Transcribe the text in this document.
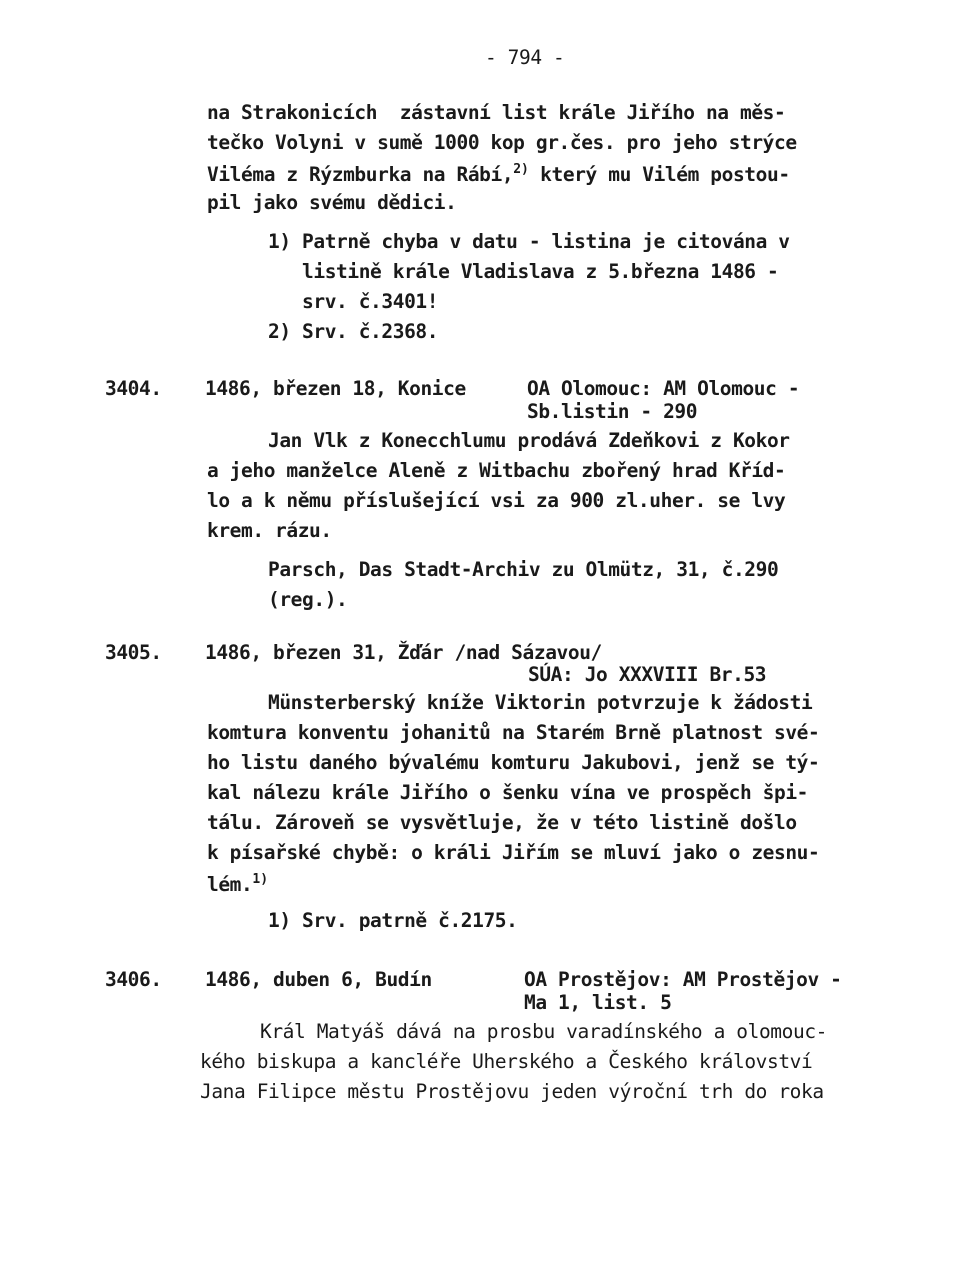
- 794 -
na Strakonicích  zástavní list krále Jiřího na měs-
tečko Volyni v sumě 1000 kop gr.čes. pro jeho strýce
Viléma z Rýzmburka na Rábí,$^{2)}$ který mu Vilém postou-
pil jako svému dědici.
1) Patrně chyba v datu - listina je citována v
listině krále Vladislava z 5.března 1486 -
srv. č.3401!
2) Srv. č.2368.
3404. 1486, březen 18, Konice	OA Olomouc: AM Olomouc -
Sb.listin - 290
Jan Vlk z Konecchlumu prodává Zdeňkovi z Kokor
a jeho manželce Aleně z Witbachu zbořený hrad Kříd-
lo a k němu příslušející vsi za 900 zl.uher. se lvy
krem. rázu.
Parsch, Das Stadt-Archiv zu Olmütz, 31, č.290
(reg.).
3405. 1486, březen 31, Žďár /nad Sázavou/
SÚA: Jo XXXVIII Br.53
Münsterberský kníže Viktorin potvrzuje k žádosti
komtura konventu johanitů na Starém Brně platnost své-
ho listu daného bývalému komturu Jakubovi, jenž se tý-
kal nálezu krále Jiřího o šenku vína ve prospěch špi-
tálu. Zároveň se vysvětluje, že v této listině došlo
k písařské chybě: o králi Jiřím se mluví jako o zesnu-
lém.$^{1)}$
1) Srv. patrně č.2175.
3406. 1486, duben 6, Budín	OA Prostějov: AM Prostějov -
Ma 1, list. 5
Král Matyáš dává na prosbu varadínského a olomouc-
kého biskupa a kancléře Uherského a Českého království
Jana Filipce městu Prostějovu jeden výroční trh do roka
